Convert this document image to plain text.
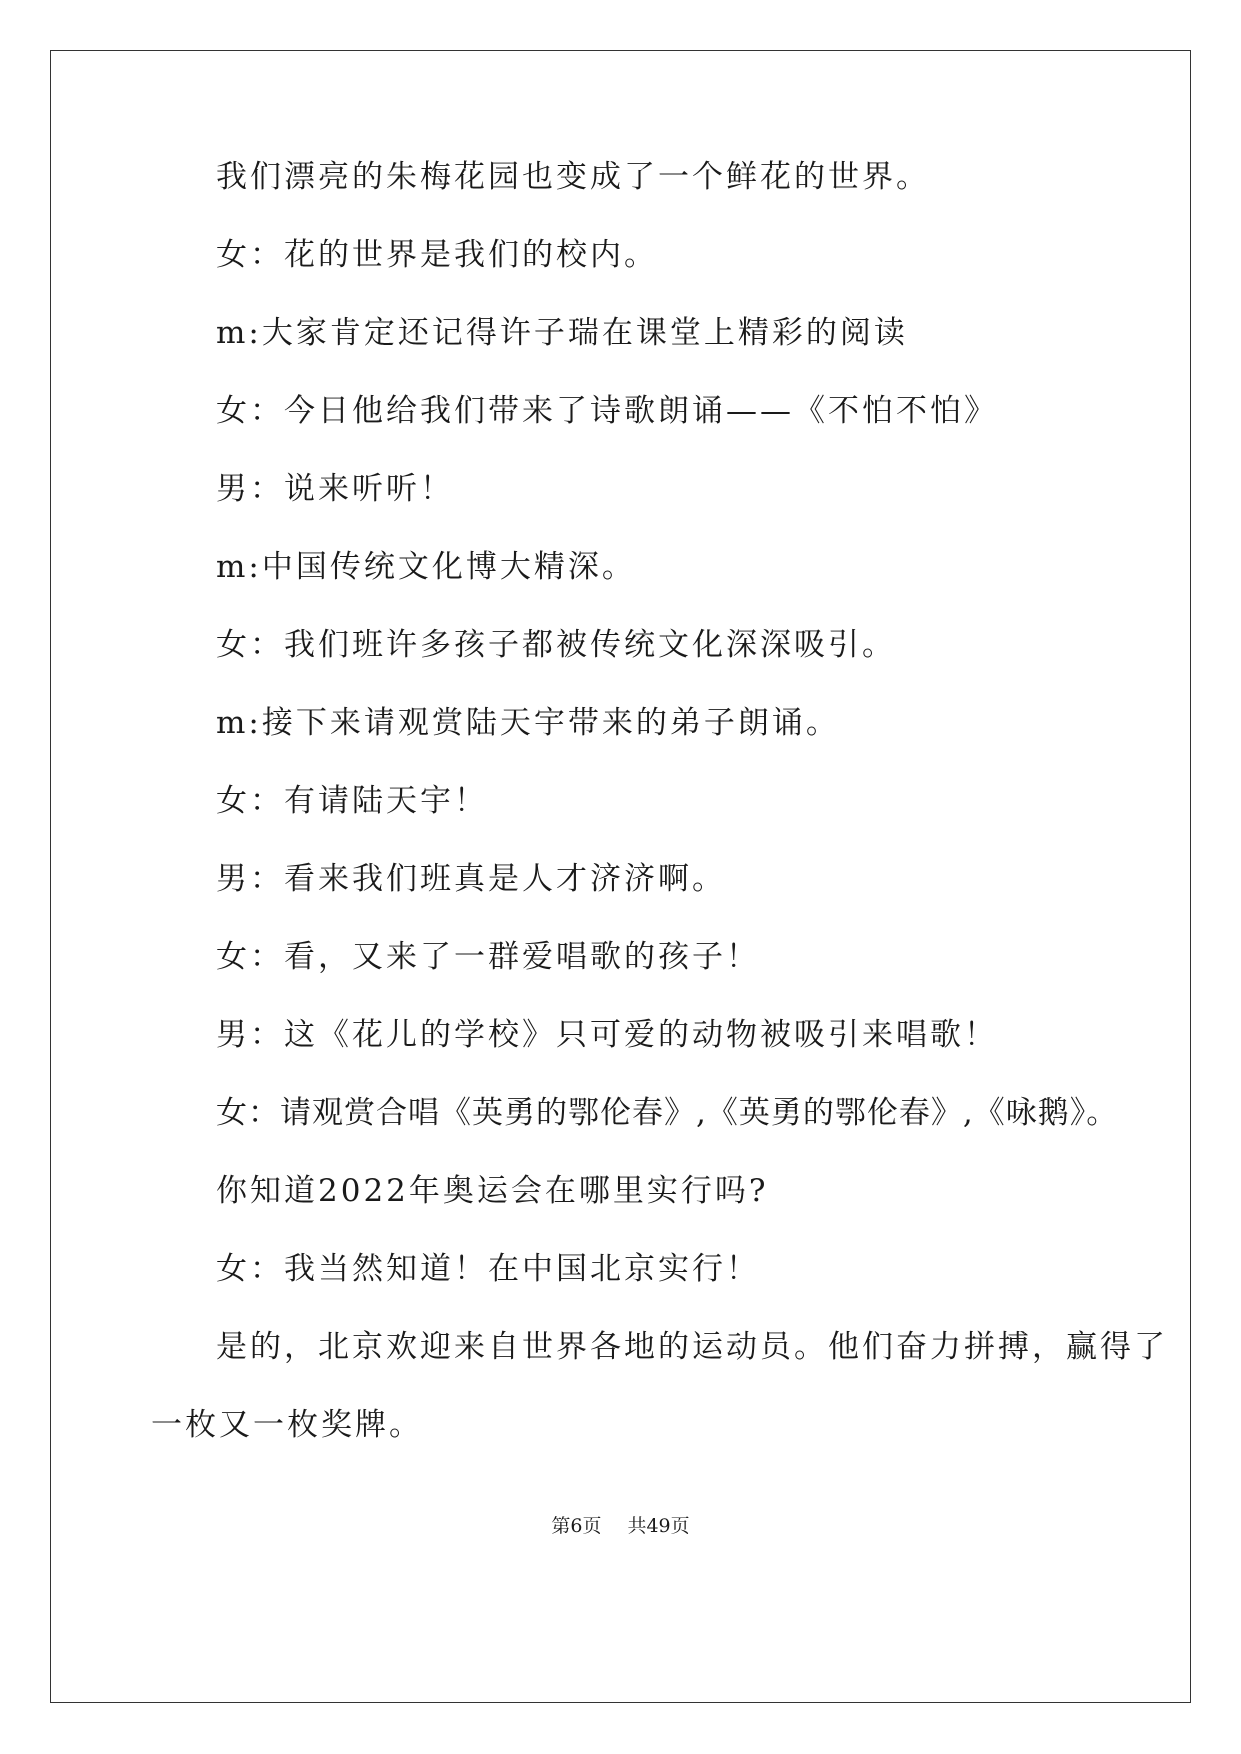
我们漂亮的朱梅花园也变成了一个鲜花的世界。
女：花的世界是我们的校内。
m:大家肯定还记得许子瑞在课堂上精彩的阅读
女：今日他给我们带来了诗歌朗诵——《不怕不怕》
男：说来听听！
m:中国传统文化博大精深。
女：我们班许多孩子都被传统文化深深吸引。
m:接下来请观赏陆天宇带来的弟子朗诵。
女：有请陆天宇！
男：看来我们班真是人才济济啊。
女：看，又来了一群爱唱歌的孩子！
男：这《花儿的学校》只可爱的动物被吸引来唱歌！
女：请观赏合唱《英勇的鄂伦春》,《英勇的鄂伦春》,《咏鹅》。
你知道2022年奥运会在哪里实行吗?
女：我当然知道！在中国北京实行！
是的，北京欢迎来自世界各地的运动员。他们奋力拼搏，赢得了
一枚又一枚奖牌。
第6页 共49页
